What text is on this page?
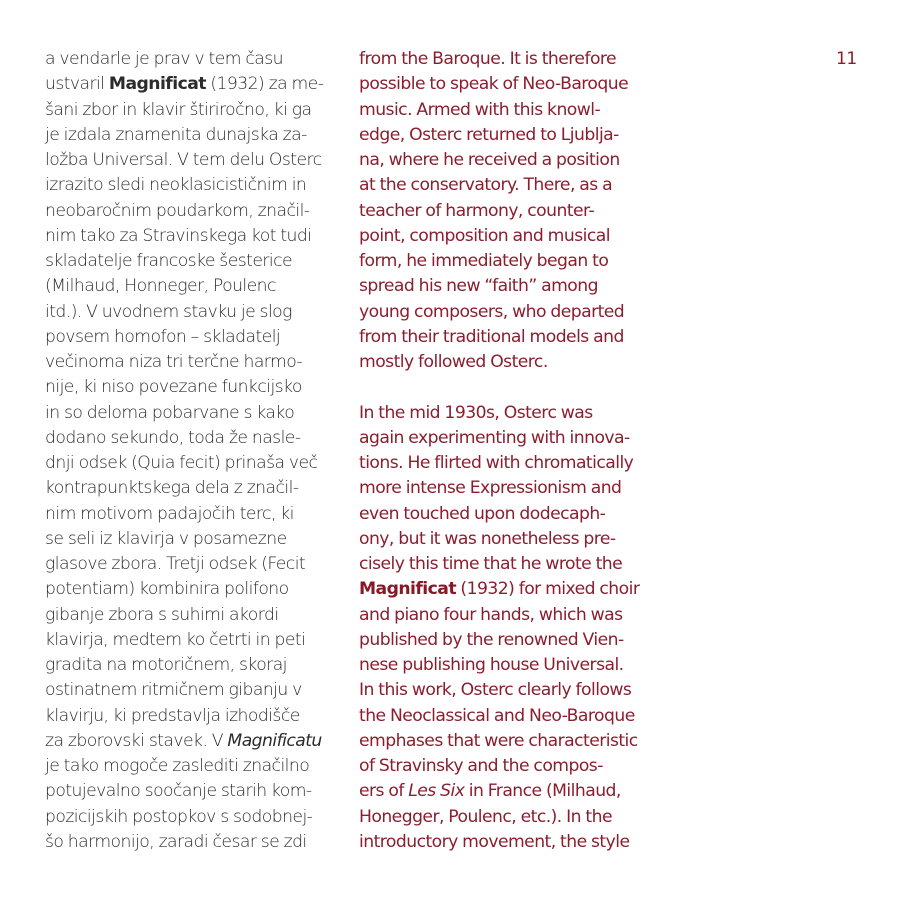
a vendarle je prav v tem času
ustvaril Magnificat (1932) za me-
šani zbor in klavir štiriročno, ki ga
je izdala znamenita dunajska za-
ložba Universal. V tem delu Osterc
izrazito sledi neoklasicističnim in
neobaročnim poudarkom, značil-
nim tako za Stravinskega kot tudi
skladatelje francoske šesterice
(Milhaud, Honneger, Poulenc
itd.). V uvodnem stavku je slog
povsem homofon – skladatelj
večinoma niza tri terčne harmo-
nije, ki niso povezane funkcijsko
in so deloma pobarvane s kako
dodano sekundo, toda že nasle-
dnji odsek (Quia fecit) prinaša več
kontrapunktskega dela z značil-
nim motivom padajočih terc, ki
se seli iz klavirja v posamezne
glasove zbora. Tretji odsek (Fecit
potentiam) kombinira polifono
gibanje zbora s suhimi akordi
klavirja, medtem ko četrti in peti
gradita na motoričnem, skoraj
ostinatnem ritmičnem gibanju v
klavirju, ki predstavlja izhodišče
za zborovski stavek. V Magnificatu
je tako mogoče zaslediti značilno
potujevalno soočanje starih kom-
pozicijskih postopkov s sodobnej-
šo harmonijo, zaradi česar se zdi
from the Baroque. It is therefore
possible to speak of Neo-Baroque
music. Armed with this knowl-
edge, Osterc returned to Ljublja-
na, where he received a position
at the conservatory. There, as a
teacher of harmony, counter-
point, composition and musical
form, he immediately began to
spread his new “faith” among
young composers, who departed
from their traditional models and
mostly followed Osterc.
In the mid 1930s, Osterc was
again experimenting with innova-
tions. He flirted with chromatically
more intense Expressionism and
even touched upon dodecaph-
ony, but it was nonetheless pre-
cisely this time that he wrote the
Magnificat (1932) for mixed choir
and piano four hands, which was
published by the renowned Vien-
nese publishing house Universal.
In this work, Osterc clearly follows
the Neoclassical and Neo-Baroque
emphases that were characteristic
of Stravinsky and the compos-
ers of Les Six in France (Milhaud,
Honegger, Poulenc, etc.). In the
introductory movement, the style
11
